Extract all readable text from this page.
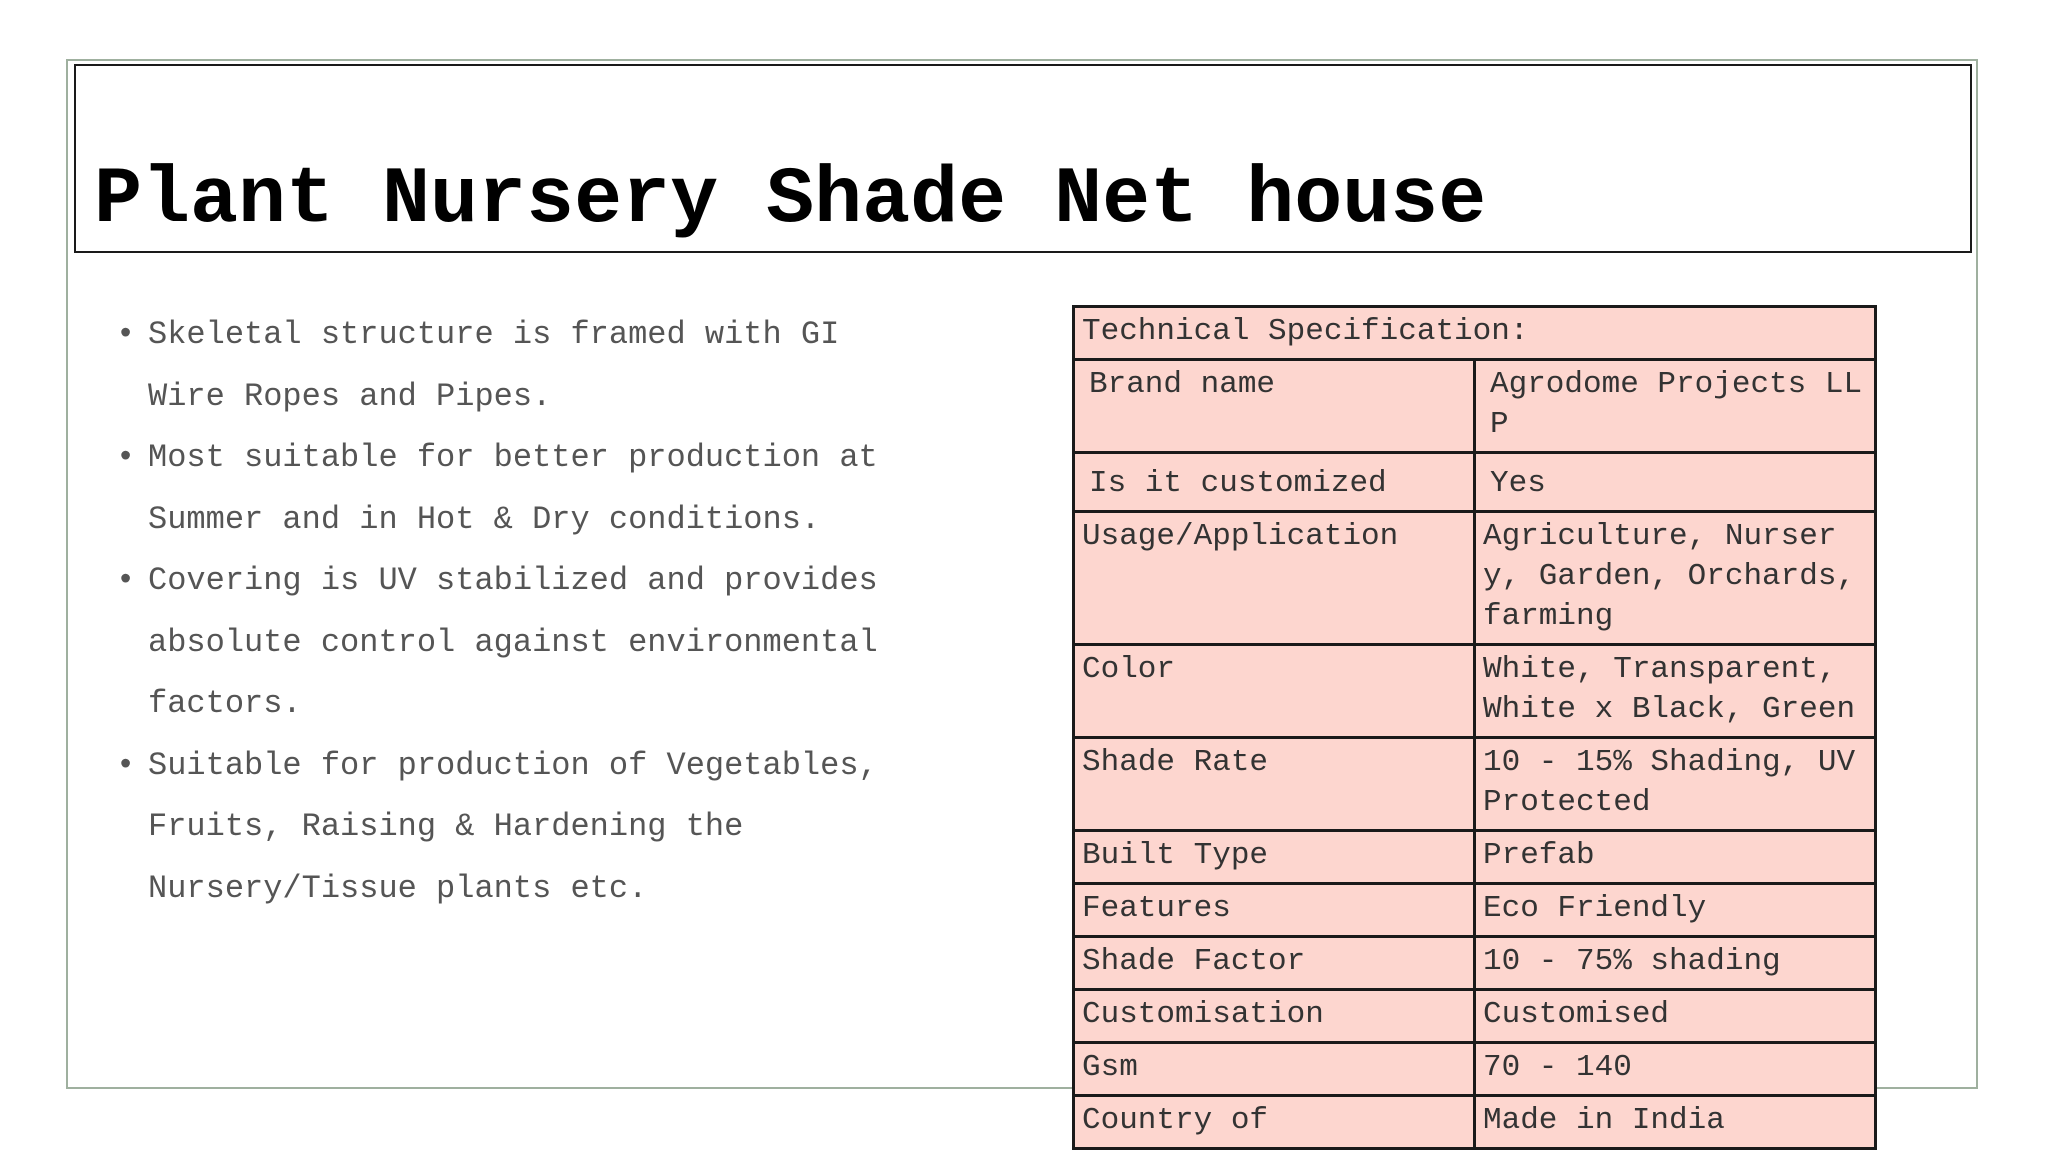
Plant Nursery Shade Net house
• Skeletal structure is framed with GI Wire Ropes and Pipes.
• Most suitable for better production at Summer and in Hot & Dry conditions.
• Covering is UV stabilized and provides absolute control against environmental factors.
• Suitable for production of Vegetables, Fruits, Raising & Hardening the Nursery/Tissue plants etc.
Technical Specification:	
Brand name	Agrodome Projects LLP
Is it customized	Yes
Usage/Application	Agriculture, Nursery, Garden, Orchards, farming
Color	White, Transparent, White x Black, Green
Shade Rate	10 - 15% Shading, UV Protected
Built Type	Prefab
Features	Eco Friendly
Shade Factor	10 - 75% shading
Customisation	Customised
Gsm	70 - 140
Country of	Made in India
